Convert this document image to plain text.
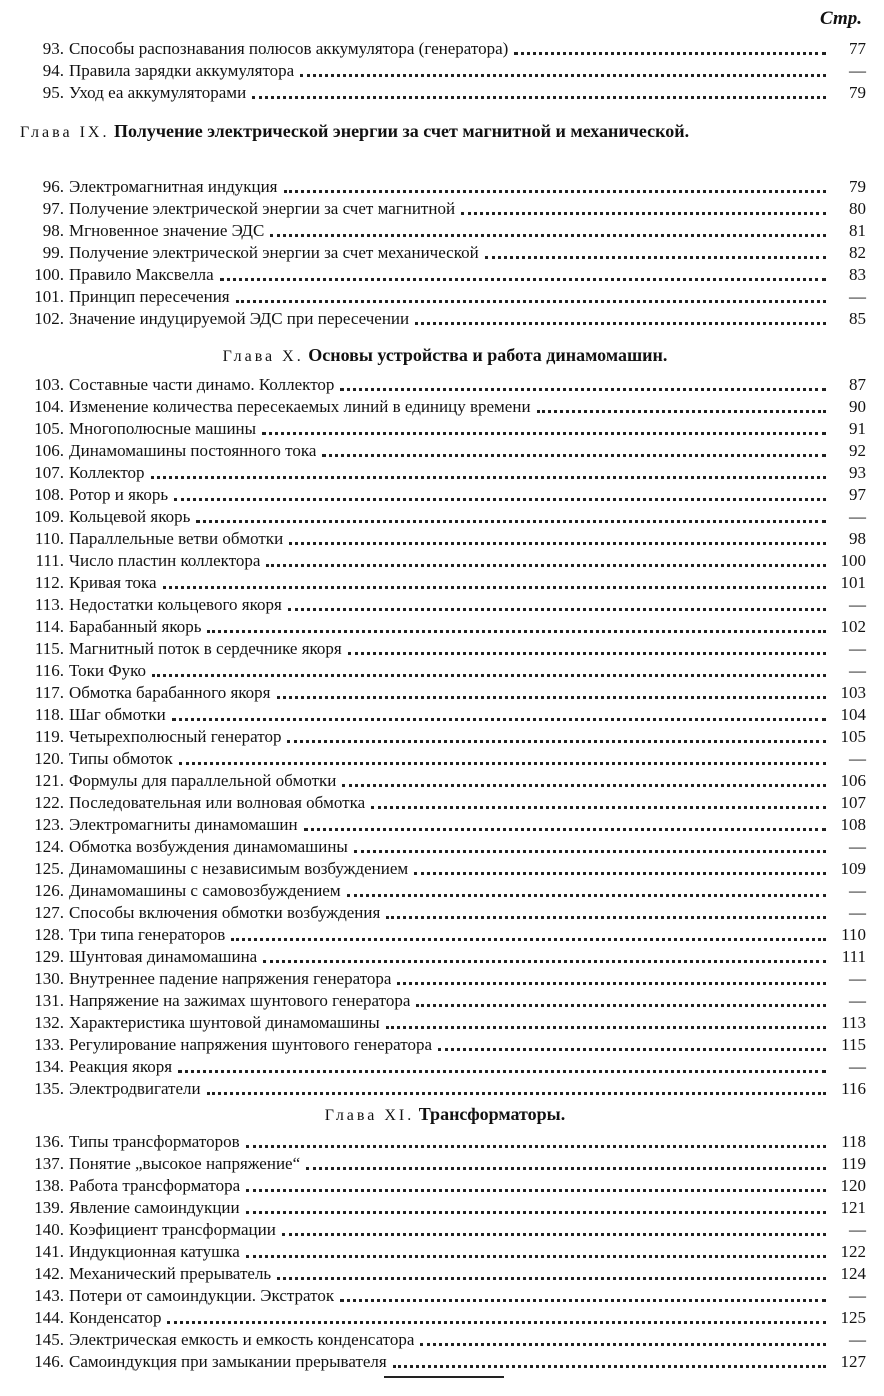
Стр.
93. Способы распознавания полюсов аккумулятора (генератора)	77
94. Правила зарядки аккумулятора	—
95. Уход еа аккумуляторами	79
Глава IX. Получение электрической энергии за счет магнитной и механической.
96. Электромагнитная индукция	79
97. Получение электрической энергии за счет магнитной	80
98. Мгновенное значение ЭДС	81
99. Получение электрической энергии за счет механической	82
100. Правило Максвелла	83
101. Принцип пересечения	—
102. Значение индуцируемой ЭДС при пересечении	85
Глава X. Основы устройства и работа динамомашин.
103. Составные части динамо. Коллектор	87
104. Изменение количества пересекаемых линий в единицу времени	90
105. Многополюсные машины	91
106. Динамомашины постоянного тока	92
107. Коллектор	93
108. Ротор и якорь	97
109. Кольцевой якорь	—
110. Параллельные ветви обмотки	98
111. Число пластин коллектора	100
112. Кривая тока	101
113. Недостатки кольцевого якоря	—
114. Барабанный якорь	102
115. Магнитный поток в сердечнике якоря	—
116. Токи Фуко	—
117. Обмотка барабанного якоря	103
118. Шаг обмотки	104
119. Четырехполюсный генератор	105
120. Типы обмоток	—
121. Формулы для параллельной обмотки	106
122. Последовательная или волновая обмотка	107
123. Электромагниты динамомашин	108
124. Обмотка возбуждения динамомашины	—
125. Динамомашины с независимым возбуждением	109
126. Динамомашины с самовозбуждением	—
127. Способы включения обмотки возбуждения	—
128. Три типа генераторов	110
129. Шунтовая динамомашина	111
130. Внутреннее падение напряжения генератора	—
131. Напряжение на зажимах шунтового генератора	—
132. Характеристика шунтовой динамомашины	113
133. Регулирование напряжения шунтового генератора	115
134. Реакция якоря	—
135. Электродвигатели	116
Глава XI. Трансформаторы.
136. Типы трансформаторов	118
137. Понятие „высокое напряжение“	119
138. Работа трансформатора	120
139. Явление самоиндукции	121
140. Коэфициент трансформации	—
141. Индукционная катушка	122
142. Механический прерыватель	124
143. Потери от самоиндукции. Экстраток	—
144. Конденсатор	125
145. Электрическая емкость и емкость конденсатора	—
146. Самоиндукция при замыкании прерывателя	127
